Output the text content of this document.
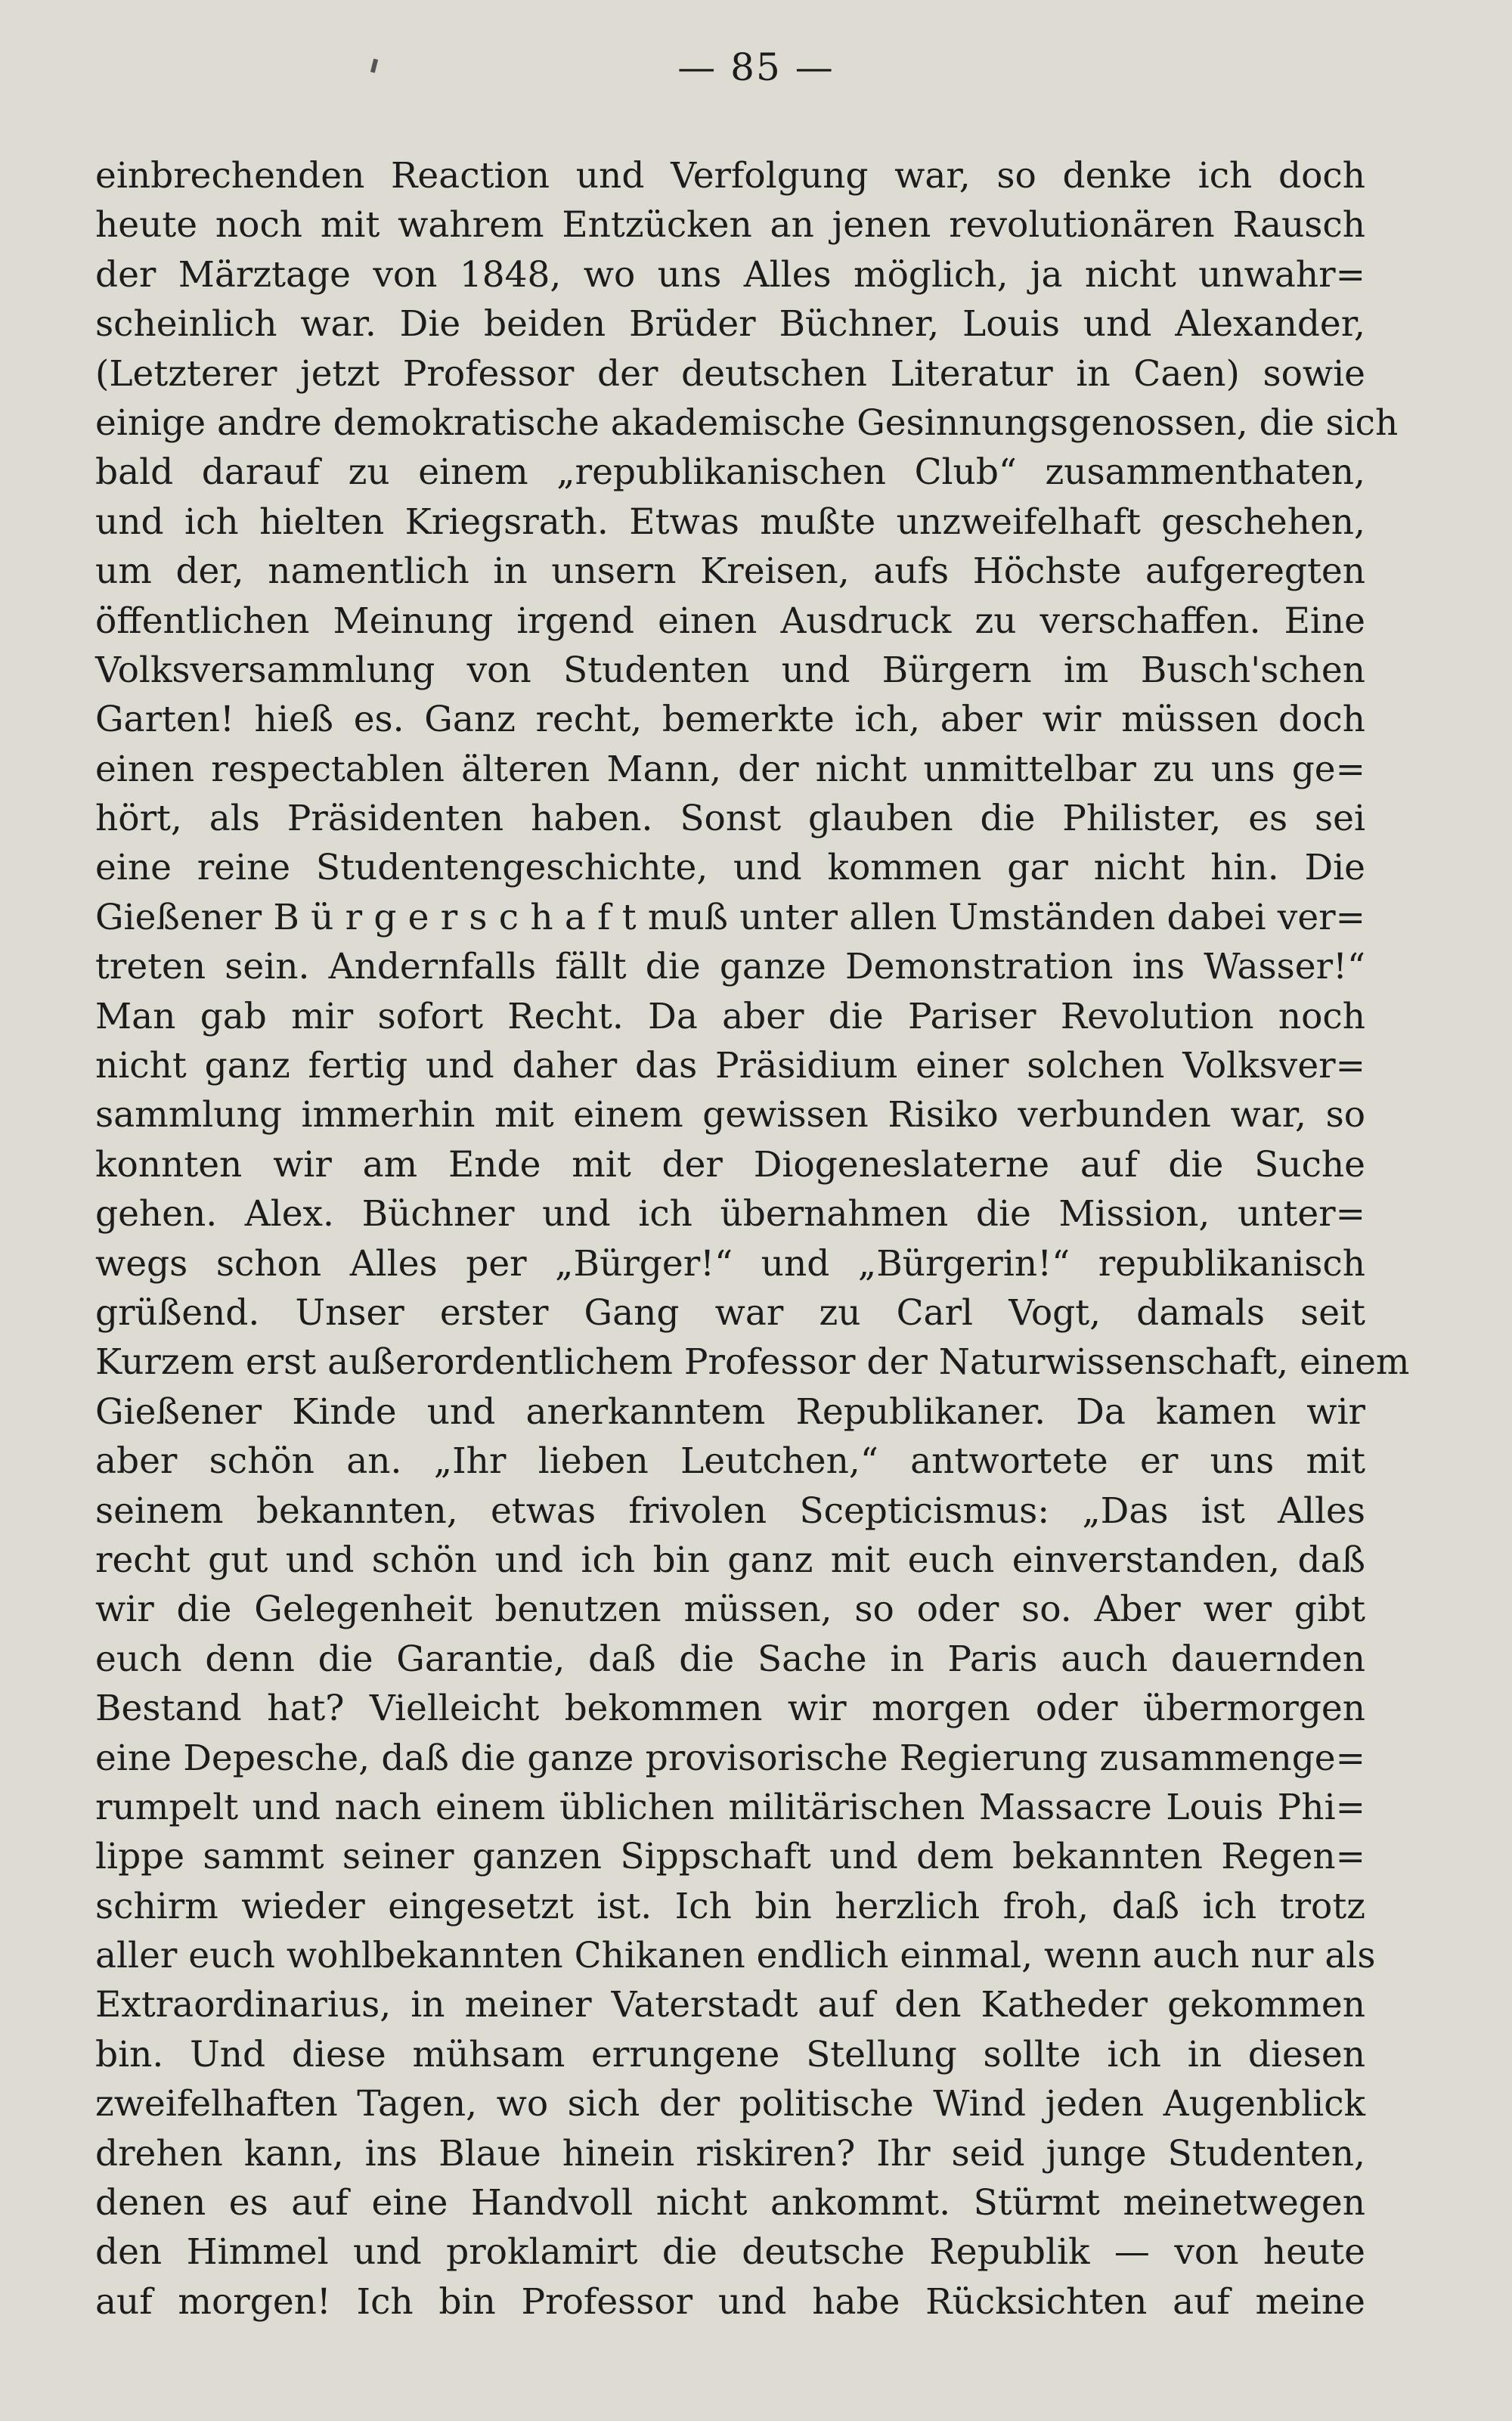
— 85 —
einbrechenden Reaction und Verfolgung war, so denke ich doch
heute noch mit wahrem Entzücken an jenen revolutionären Rausch
der Märztage von 1848, wo uns Alles möglich, ja nicht unwahr=
scheinlich war. Die beiden Brüder Büchner, Louis und Alexander,
(Letzterer jetzt Professor der deutschen Literatur in Caen) sowie
einige andre demokratische akademische Gesinnungsgenossen, die sich
bald darauf zu einem „republikanischen Club“ zusammenthaten,
und ich hielten Kriegsrath. Etwas mußte unzweifelhaft geschehen,
um der, namentlich in unsern Kreisen, aufs Höchste aufgeregten
öffentlichen Meinung irgend einen Ausdruck zu verschaffen. Eine
Volksversammlung von Studenten und Bürgern im Busch'schen
Garten! hieß es. Ganz recht, bemerkte ich, aber wir müssen doch
einen respectablen älteren Mann, der nicht unmittelbar zu uns ge=
hört, als Präsidenten haben. Sonst glauben die Philister, es sei
eine reine Studentengeschichte, und kommen gar nicht hin. Die
Gießener B ü r g e r s c h a f t muß unter allen Umständen dabei ver=
treten sein. Andernfalls fällt die ganze Demonstration ins Wasser!“
Man gab mir sofort Recht. Da aber die Pariser Revolution noch
nicht ganz fertig und daher das Präsidium einer solchen Volksver=
sammlung immerhin mit einem gewissen Risiko verbunden war, so
konnten wir am Ende mit der Diogeneslaterne auf die Suche
gehen. Alex. Büchner und ich übernahmen die Mission, unter=
wegs schon Alles per „Bürger!“ und „Bürgerin!“ republikanisch
grüßend. Unser erster Gang war zu Carl Vogt, damals seit
Kurzem erst außerordentlichem Professor der Naturwissenschaft, einem
Gießener Kinde und anerkanntem Republikaner. Da kamen wir
aber schön an. „Ihr lieben Leutchen,“ antwortete er uns mit
seinem bekannten, etwas frivolen Scepticismus: „Das ist Alles
recht gut und schön und ich bin ganz mit euch einverstanden, daß
wir die Gelegenheit benutzen müssen, so oder so. Aber wer gibt
euch denn die Garantie, daß die Sache in Paris auch dauernden
Bestand hat? Vielleicht bekommen wir morgen oder übermorgen
eine Depesche, daß die ganze provisorische Regierung zusammenge=
rumpelt und nach einem üblichen militärischen Massacre Louis Phi=
lippe sammt seiner ganzen Sippschaft und dem bekannten Regen=
schirm wieder eingesetzt ist. Ich bin herzlich froh, daß ich trotz
aller euch wohlbekannten Chikanen endlich einmal, wenn auch nur als
Extraordinarius, in meiner Vaterstadt auf den Katheder gekommen
bin. Und diese mühsam errungene Stellung sollte ich in diesen
zweifelhaften Tagen, wo sich der politische Wind jeden Augenblick
drehen kann, ins Blaue hinein riskiren? Ihr seid junge Studenten,
denen es auf eine Handvoll nicht ankommt. Stürmt meinetwegen
den Himmel und proklamirt die deutsche Republik — von heute
auf morgen! Ich bin Professor und habe Rücksichten auf meine
